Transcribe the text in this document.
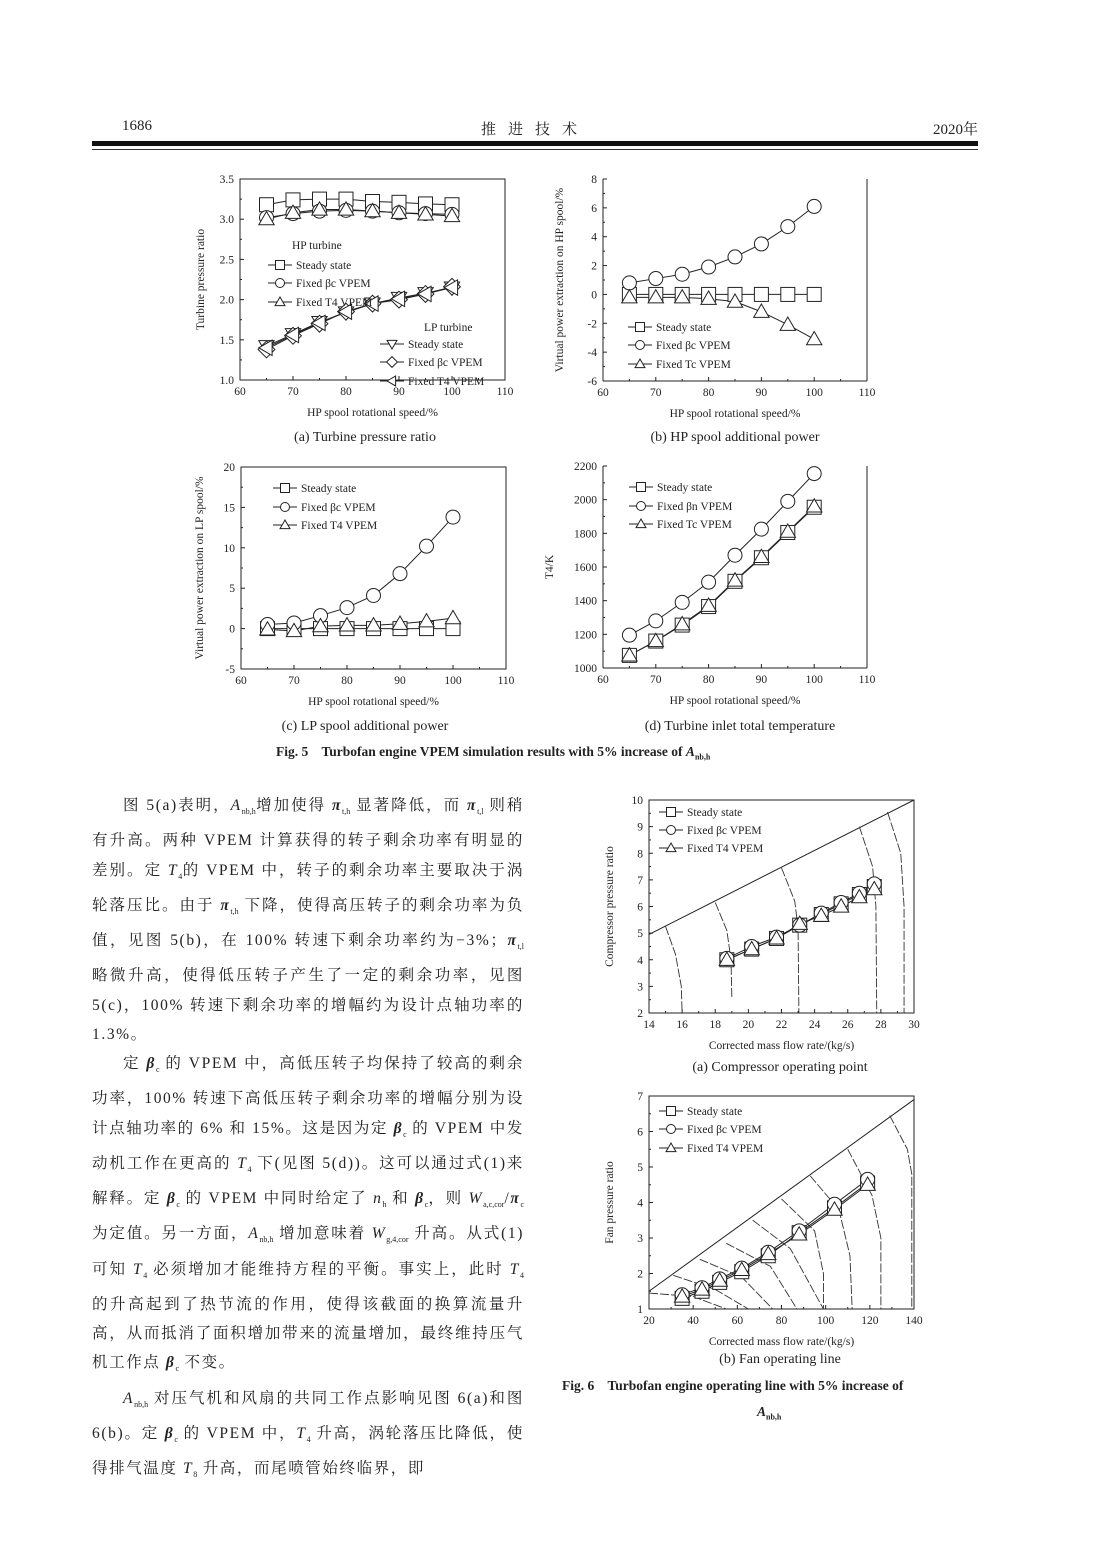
1686	推进技术	2020年
60	70	80	90	100	110
1.0
1.5
2.0
2.5
3.0
3.5
HP spool rotational speed/%
Turbine pressure ratio	Steady state
Fixed βc VPEM
Fixed T4 VPEM
Steady state
Fixed βc VPEM
Fixed T4 VPEM
HP turbine
LP turbine
(a) Turbine pressure ratio
60	70	80	90	100	110
-6
-4
-2
0
2
4
6
8
HP spool rotational speed/%
Virtual power extraction on HP spool/%	Steady state
Fixed βc VPEM
Fixed Tc VPEM
(b) HP spool additional power
60	70	80	90	100	110
-5
0
5
10
15
20
HP spool rotational speed/%
Virtual power extraction on LP spool/%	Steady state
Fixed βc VPEM
Fixed T4 VPEM
(c) LP spool additional power
60	70	80	90	100	110
1000
1200
1400
1600
1800
2000
2200
HP spool rotational speed/%
T4/K
Steady state
Fixed βn VPEM
Fixed Tc VPEM
(d) Turbine inlet total temperature
Fig. 5 Turbofan engine VPEM simulation results with 5% increase of $A_{nb,h}$

图 5(a)表明，$A_{nb,h}$增加使得 $\pi_{t,h}$ 显著降低，而 $\pi_{t,l}$ 则稍有升高。两种 VPEM 计算获得的转子剩余功率有明显的差别。定 $T_4$的 VPEM 中，转子的剩余功率主要取决于涡轮落压比。由于 $\pi_{t,h}$ 下降，使得高压转子的剩余功率为负值，见图 5(b)，在 100% 转速下剩余功率约为−3%；$\pi_{t,l}$略微升高，使得低压转子产生了一定的剩余功率，见图 5(c)，100% 转速下剩余功率的增幅约为设计点轴功率的 1.3%。

定 $\beta_c$ 的 VPEM 中，高低压转子均保持了较高的剩余功率，100% 转速下高低压转子剩余功率的增幅分别为设计点轴功率的 6% 和 15%。这是因为定 $\beta_c$ 的 VPEM 中发动机工作在更高的 $T_4$ 下(见图 5(d))。这可以通过式(1)来解释。定 $\beta_c$ 的 VPEM 中同时给定了 $n_h$ 和 $\beta_c$，则 $W_{a,c,cor}/\pi_c$ 为定值。另一方面，$A_{nb,h}$ 增加意味着 $W_{g,4,cor}$ 升高。从式(1)可知 $T_4$ 必须增加才能维持方程的平衡。事实上，此时 $T_4$ 的升高起到了热节流的作用，使得该截面的换算流量升高，从而抵消了面积增加带来的流量增加，最终维持压气机工作点 $\beta_c$ 不变。

$A_{nb,h}$ 对压气机和风扇的共同工作点影响见图 6(a)和图 6(b)。定 $\beta_c$ 的 VPEM 中，$T_4$ 升高，涡轮落压比降低，使得排气温度 $T_8$ 升高，而尾喷管始终临界，即

14 16 18 20 22 24 26 28 30
2
3
4
5
6
7
8
9
10
Corrected mass flow rate/(kg/s)
Compressor pressure ratio
Steady state
Fixed βc VPEM
Fixed T4 VPEM
(a) Compressor operating point
20	40	60	80	100 120 140
1
2
3
4
5
6
7
Corrected mass flow rate/(kg/s)
Fan pressure ratio
Steady state
Fixed βc VPEM
Fixed T4 VPEM
(b) Fan operating line
Fig. 6 Turbofan engine operating line with 5% increase of
$A_{nb,h}$
